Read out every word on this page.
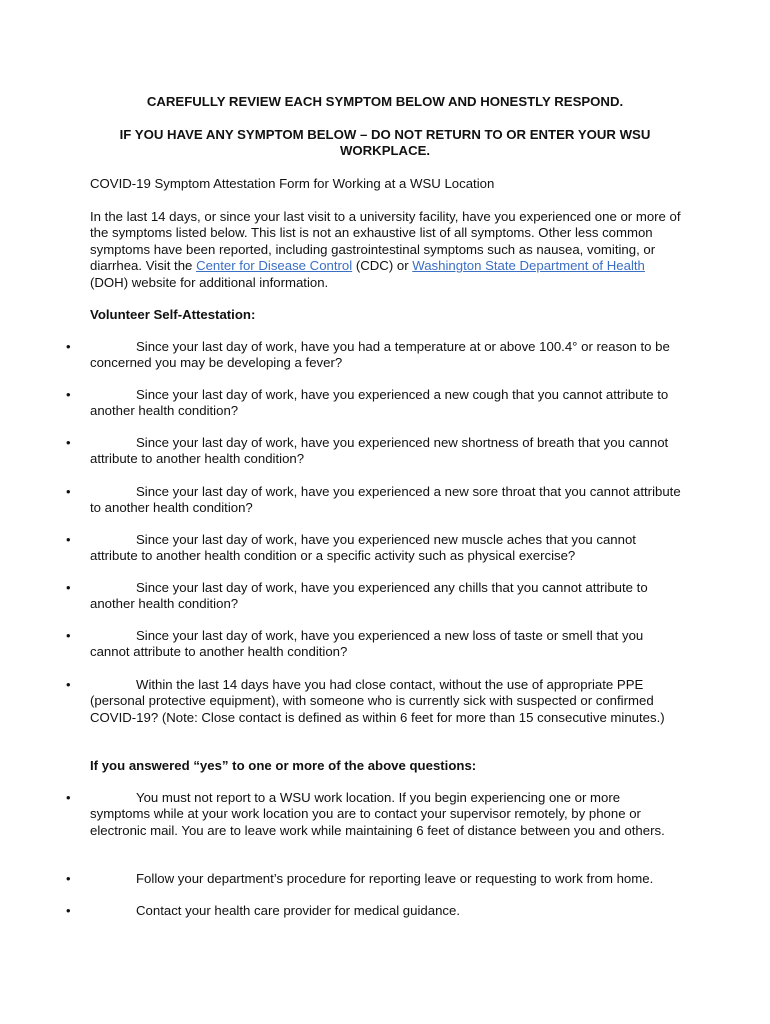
CAREFULLY REVIEW EACH SYMPTOM BELOW AND HONESTLY RESPOND.
IF YOU HAVE ANY SYMPTOM BELOW – DO NOT RETURN TO OR ENTER YOUR WSU WORKPLACE.
COVID-19 Symptom Attestation Form for Working at a WSU Location
In the last 14 days, or since your last visit to a university facility, have you experienced one or more of the symptoms listed below. This list is not an exhaustive list of all symptoms. Other less common symptoms have been reported, including gastrointestinal symptoms such as nausea, vomiting, or diarrhea. Visit the Center for Disease Control (CDC) or Washington State Department of Health (DOH) website for additional information.
Volunteer Self-Attestation:
•	Since your last day of work, have you had a temperature at or above 100.4° or reason to be concerned you may be developing a fever?
•	Since your last day of work, have you experienced a new cough that you cannot attribute to another health condition?
•	Since your last day of work, have you experienced new shortness of breath that you cannot attribute to another health condition?
•	Since your last day of work, have you experienced a new sore throat that you cannot attribute to another health condition?
•	Since your last day of work, have you experienced new muscle aches that you cannot attribute to another health condition or a specific activity such as physical exercise?
•	Since your last day of work, have you experienced any chills that you cannot attribute to another health condition?
•	Since your last day of work, have you experienced a new loss of taste or smell that you cannot attribute to another health condition?
•	Within the last 14 days have you had close contact, without the use of appropriate PPE (personal protective equipment), with someone who is currently sick with suspected or confirmed COVID-19? (Note: Close contact is defined as within 6 feet for more than 15 consecutive minutes.)
If you answered “yes” to one or more of the above questions:
•	You must not report to a WSU work location. If you begin experiencing one or more symptoms while at your work location you are to contact your supervisor remotely, by phone or electronic mail. You are to leave work while maintaining 6 feet of distance between you and others.
•	Follow your department’s procedure for reporting leave or requesting to work from home.
•	Contact your health care provider for medical guidance.
